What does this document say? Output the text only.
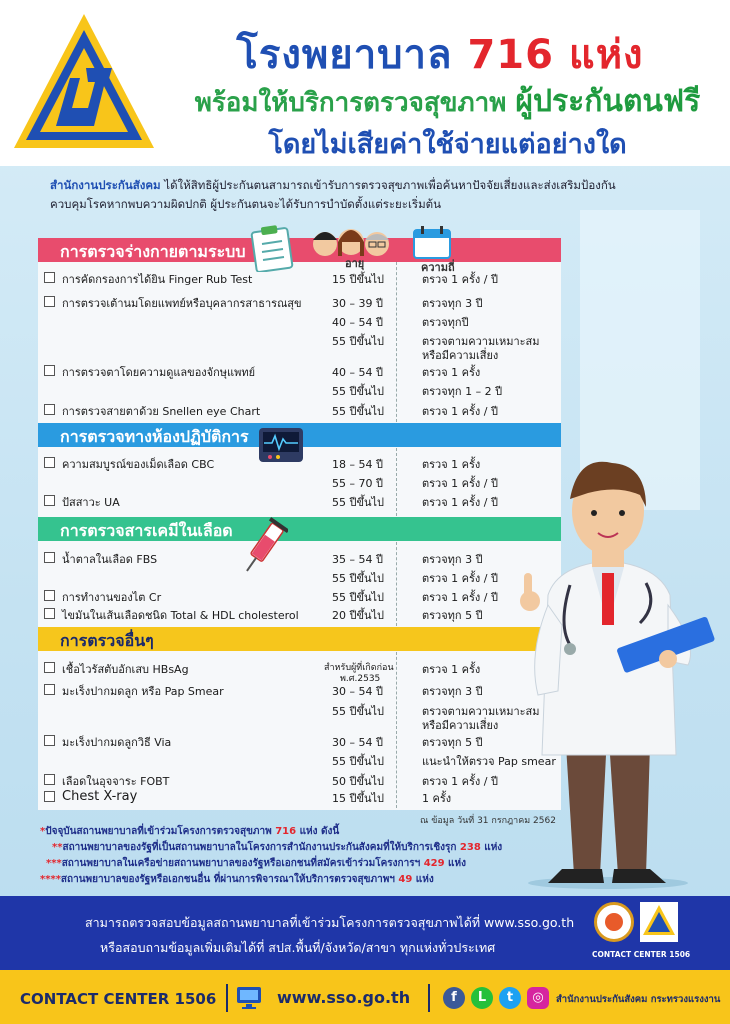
โรงพยาบาล 716 แห่ง
พร้อมให้บริการตรวจสุขภาพ ผู้ประกันตนฟรี
โดยไม่เสียค่าใช้จ่ายแต่อย่างใด
สำนักงานประกันสังคม ได้ให้สิทธิผู้ประกันตนสามารถเข้ารับการตรวจสุขภาพเพื่อค้นหาปัจจัยเสี่ยงและส่งเสริมป้องกัน
ควบคุมโรคหากพบความผิดปกติ ผู้ประกันตนจะได้รับการบำบัดตั้งแต่ระยะเริ่มต้น
การตรวจร่างกายตามระบบ
การตรวจทางห้องปฏิบัติการ
การตรวจสารเคมีในเลือด
การตรวจอื่นๆ
อายุ	ความถี่
การคัดกรองการได้ยิน Finger Rub Test	15 ปีขึ้นไป	ตรวจ 1 ครั้ง / ปี
การตรวจเต้านมโดยแพทย์หรือบุคลากรสาธารณสุข	30 – 39 ปี	ตรวจทุก 3 ปี
40 – 54 ปี	ตรวจทุกปี
55 ปีขึ้นไป	ตรวจตามความเหมาะสม
หรือมีความเสี่ยง
การตรวจตาโดยความดูแลของจักษุแพทย์	40 – 54 ปี	ตรวจ 1 ครั้ง
55 ปีขึ้นไป	ตรวจทุก 1 – 2 ปี
การตรวจสายตาด้วย Snellen eye Chart	55 ปีขึ้นไป	ตรวจ 1 ครั้ง / ปี
ความสมบูรณ์ของเม็ดเลือด CBC	18 – 54 ปี	ตรวจ 1 ครั้ง
55 – 70 ปี	ตรวจ 1 ครั้ง / ปี
ปัสสาวะ UA	55 ปีขึ้นไป	ตรวจ 1 ครั้ง / ปี
น้ำตาลในเลือด FBS	35 – 54 ปี	ตรวจทุก 3 ปี
55 ปีขึ้นไป	ตรวจ 1 ครั้ง / ปี
การทำงานของไต Cr	55 ปีขึ้นไป	ตรวจ 1 ครั้ง / ปี
ไขมันในเส้นเลือดชนิด Total & HDL cholesterol	20 ปีขึ้นไป	ตรวจทุก 5 ปี
เชื้อไวรัสตับอักเสบ HBsAg	สำหรับผู้ที่เกิดก่อน	ตรวจ 1 ครั้ง
พ.ศ.2535
มะเร็งปากมดลูก หรือ Pap Smear	30 – 54 ปี	ตรวจทุก 3 ปี
55 ปีขึ้นไป	ตรวจตามความเหมาะสม
หรือมีความเสี่ยง
มะเร็งปากมดลูกวิธี Via	30 – 54 ปี	ตรวจทุก 5 ปี
55 ปีขึ้นไป	แนะนำให้ตรวจ Pap smear
เลือดในอุจจาระ FOBT	50 ปีขึ้นไป	ตรวจ 1 ครั้ง / ปี
Chest X-ray	15 ปีขึ้นไป	1 ครั้ง
ณ ข้อมูล วันที่ 31 กรกฎาคม 2562
*ปัจจุบันสถานพยาบาลที่เข้าร่วมโครงการตรวจสุขภาพ 716 แห่ง ดังนี้
**สถานพยาบาลของรัฐที่เป็นสถานพยาบาลในโครงการสำนักงานประกันสังคมที่ให้บริการเชิงรุก 238 แห่ง
***สถานพยาบาลในเครือข่ายสถานพยาบาลของรัฐหรือเอกชนที่สมัครเข้าร่วมโครงการฯ 429 แห่ง
****สถานพยาบาลของรัฐหรือเอกชนอื่น ที่ผ่านการพิจารณาให้บริการตรวจสุขภาพฯ 49 แห่ง
สามารถตรวจสอบข้อมูลสถานพยาบาลที่เข้าร่วมโครงการตรวจสุขภาพได้ที่ www.sso.go.th
หรือสอบถามข้อมูลเพิ่มเติมได้ที่ สปส.พื้นที่/จังหวัด/สาขา ทุกแห่งทั่วประเทศ	CONTACT CENTER 1506
CONTACT CENTER 1506	www.sso.go.th	f	L	t	◎	สำนักงานประกันสังคม กระทรวงแรงงาน
